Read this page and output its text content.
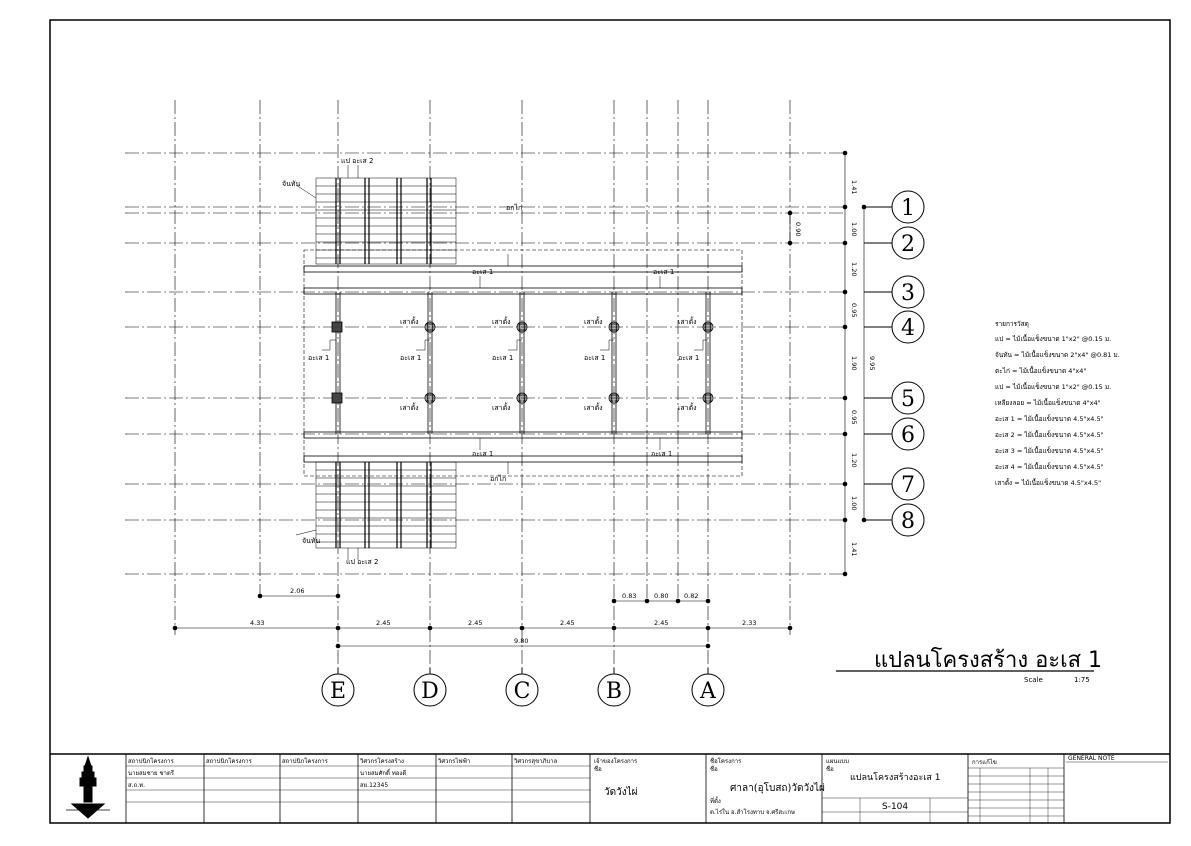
แป อะเส 2
จันทัน
อกไก่
อะเส 1	อะเส 1
อะเส 1	อะเส 1
อกไก่
แป อะเส 2
จันทัน
อะเส 1	อะเส 1	อะเส 1	อะเส 1	อะเส 1
เสาตั้ง	เสาตั้ง	เสาตั้ง	เสาตั้ง
เสาตั้ง	เสาตั้ง	เสาตั้ง	เสาตั้ง
4.33	2.45	2.45	2.45	2.45	2.33
9.80
2.06
0.83	0.80 0.82
1.41
1.00
1.20
0.95
1.90
0.95
1.20
1.00
1.41
9.95
0.90
1
2
3
4
5
6
7
8
E	D	C	B	A
แปลนโครงสร้าง อะเส 1
Scale	1:75
รายการวัสดุ
แป = ไม้เนื้อแข็งขนาด 1"x2" @0.15 ม.
จันทัน = ไม้เนื้อแข็งขนาด 2"x4" @0.81 ม.
ตะไก่ = ไม้เนื้อแข็งขนาด 4"x4"
แป = ไม้เนื้อแข็งขนาด 1"x2" @0.15 ม.
เหลียงลอย = ไม้เนื้อแข็งขนาด 4"x4"
อะเส 1 = ไม้เนื้อแข็งขนาด 4.5"x4.5"
อะเส 2 = ไม้เนื้อแข็งขนาด 4.5"x4.5"
อะเส 3 = ไม้เนื้อแข็งขนาด 4.5"x4.5"
อะเส 4 = ไม้เนื้อแข็งขนาด 4.5"x4.5"
เสาตั้ง = ไม้เนื้อแข็งขนาด 4.5"x4.5"
สถาปนิกโครงการ
นายสมชาย ชาตรี
ส.ถ.ท.
สถาปนิกโครงการ	สถาปนิกโครงการ	วิศวกรโครงสร้าง
นายสมศักดิ์ ทองดี
สย.12345
วิศวกรไฟฟ้า	วิศวกรสุขาภิบาล	เจ้าของโครงการ
ชื่อ
วัดวังไผ่
ชื่อโครงการ
ชื่อ
ศาลา(อุโบสถ)วัดวังไผ่
ที่ตั้ง
ต.ไร่ใน อ.สำโรงทาบ จ.ศรีสะเกษ
แผนแบบ
ชื่อ
แปลนโครงสร้างอะเส 1
S-104
การแก้ไข
GENERAL NOTE
